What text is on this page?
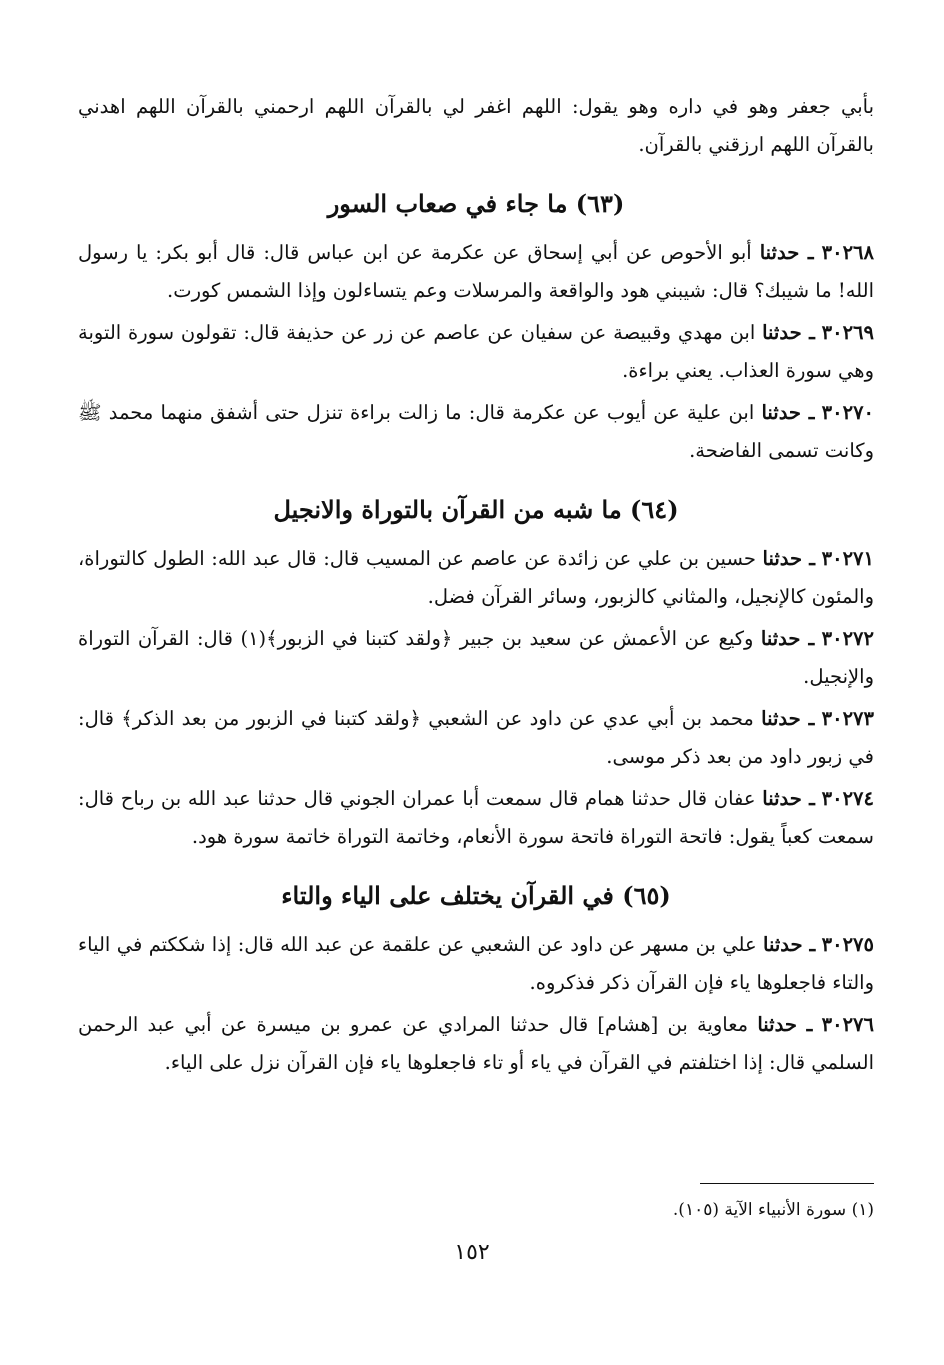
بأبي جعفر وهو في داره وهو يقول: اللهم اغفر لي بالقرآن اللهم ارحمني بالقرآن اللهم اهدني بالقرآن اللهم ارزقني بالقرآن.

(٦٣) ما جاء في صعاب السور

٣٠٢٦٨ ـ حدثنا أبو الأحوص عن أبي إسحاق عن عكرمة عن ابن عباس قال: قال أبو بكر: يا رسول الله! ما شيبك؟ قال: شيبني هود والواقعة والمرسلات وعم يتساءلون وإذا الشمس كورت.

٣٠٢٦٩ ـ حدثنا ابن مهدي وقبيصة عن سفيان عن عاصم عن زر عن حذيفة قال: تقولون سورة التوبة وهي سورة العذاب. يعني براءة.

٣٠٢٧٠ ـ حدثنا ابن علية عن أيوب عن عكرمة قال: ما زالت براءة تنزل حتى أشفق منهما محمد ﷺ وكانت تسمى الفاضحة.

(٦٤) ما شبه من القرآن بالتوراة والانجيل

٣٠٢٧١ ـ حدثنا حسين بن علي عن زائدة عن عاصم عن المسيب قال: قال عبد الله: الطول كالتوراة، والمئون كالإنجيل، والمثاني كالزبور، وسائر القرآن فضل.

٣٠٢٧٢ ـ حدثنا وكيع عن الأعمش عن سعيد بن جبير ﴿ولقد كتبنا في الزبور﴾(١) قال: القرآن التوراة والإنجيل.

٣٠٢٧٣ ـ حدثنا محمد بن أبي عدي عن داود عن الشعبي ﴿ولقد كتبنا في الزبور من بعد الذكر﴾ قال: في زبور داود من بعد ذكر موسى.

٣٠٢٧٤ ـ حدثنا عفان قال حدثنا همام قال سمعت أبا عمران الجوني قال حدثنا عبد الله بن رباح قال: سمعت كعباً يقول: فاتحة التوراة فاتحة سورة الأنعام، وخاتمة التوراة خاتمة سورة هود.

(٦٥) في القرآن يختلف على الياء والتاء

٣٠٢٧٥ ـ حدثنا علي بن مسهر عن داود عن الشعبي عن علقمة عن عبد الله قال: إذا شككتم في الياء والتاء فاجعلوها ياء فإن القرآن ذكر فذكروه.

٣٠٢٧٦ ـ حدثنا معاوية بن [هشام] قال حدثنا المرادي عن عمرو بن ميسرة عن أبي عبد الرحمن السلمي قال: إذا اختلفتم في القرآن في ياء أو تاء فاجعلوها ياء فإن القرآن نزل على الياء.

(١) سورة الأنبياء الآية (١٠٥).
١٥٢
